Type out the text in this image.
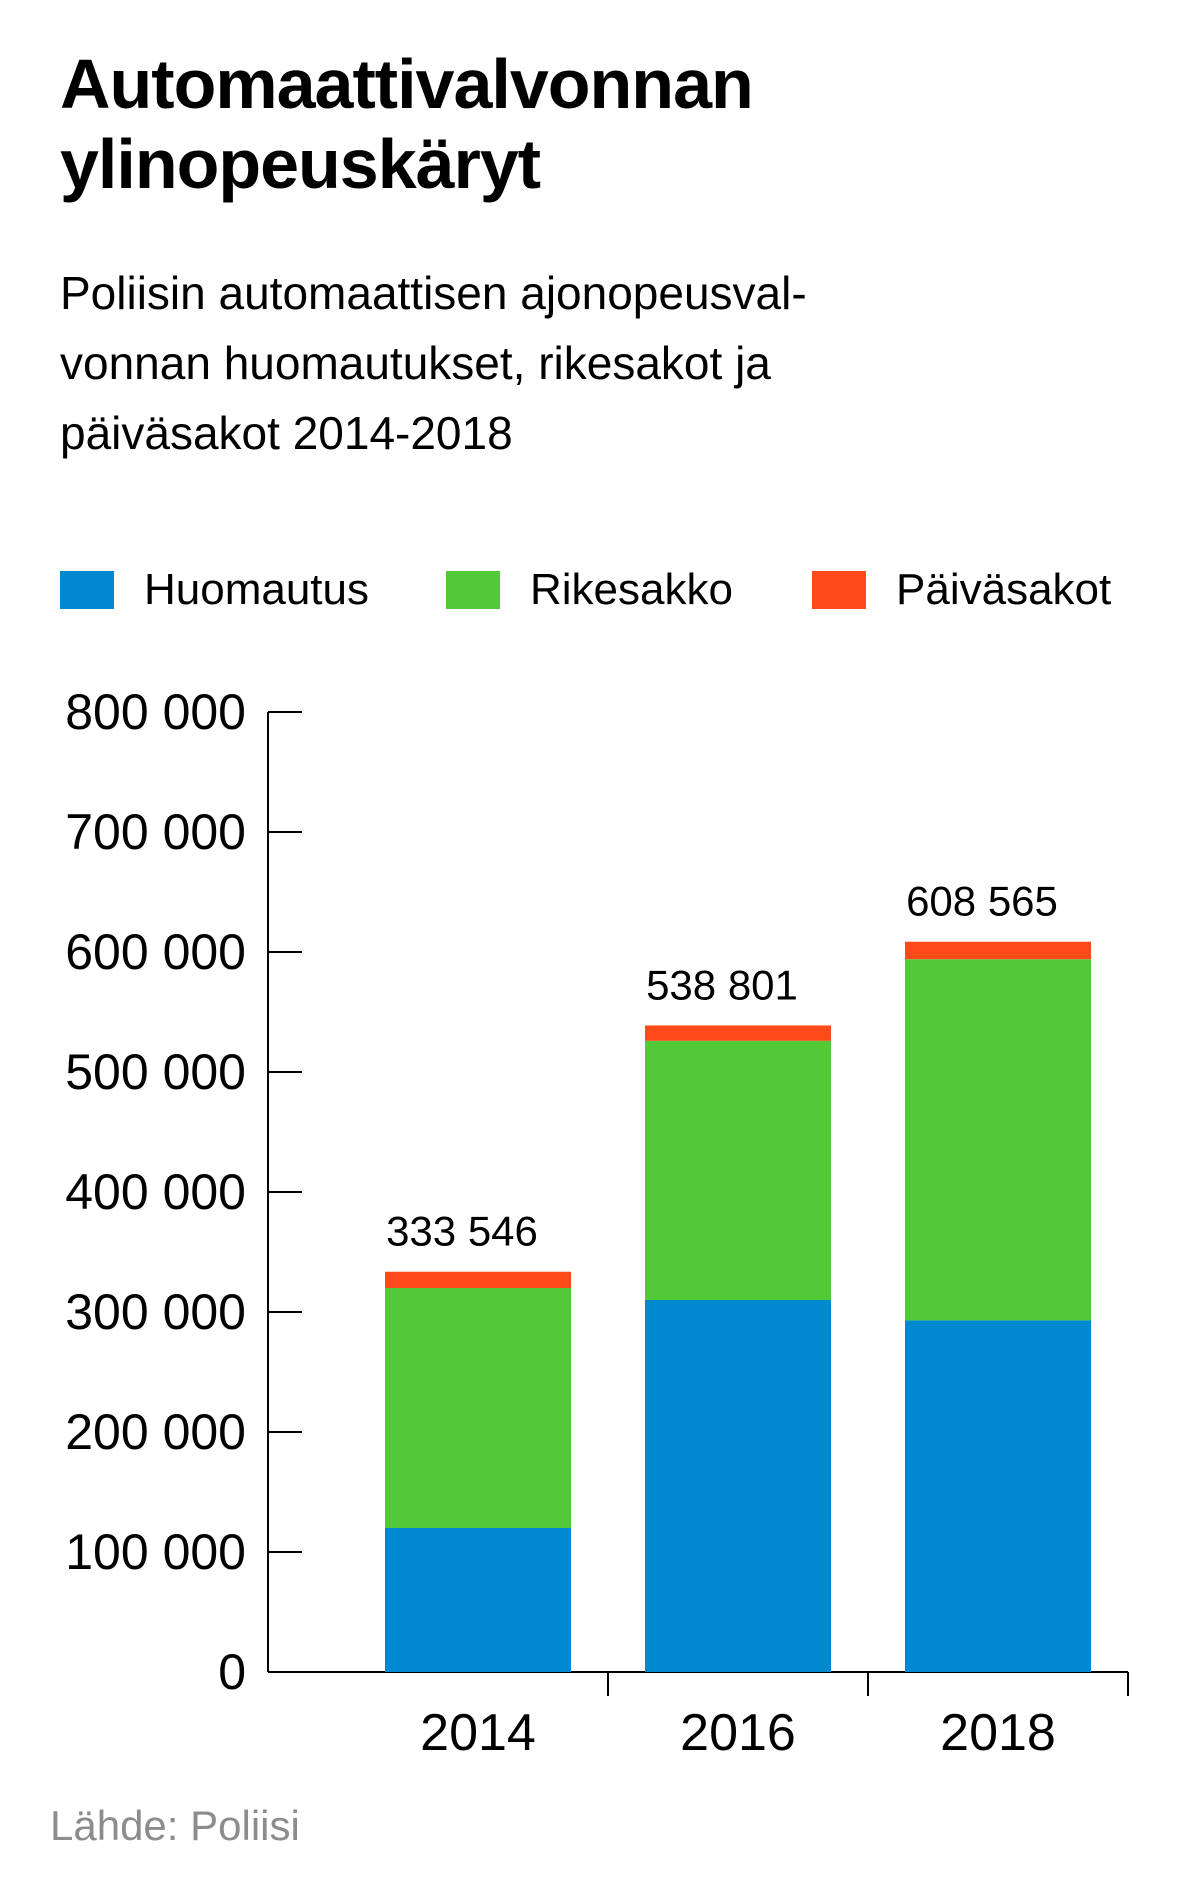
Automaattivalvonnan
ylinopeuskäryt

Poliisin automaattisen ajonopeusval-
vonnan huomautukset, rikesakot ja
päiväsakot 2014-2018

Huomautus	Rikesakko	Päiväsakot
0
100 000
200 000
300 000
400 000
500 000
600 000
700 000
800 000
333 546
2014
538 801
2016
608 565
2018
Lähde: Poliisi
